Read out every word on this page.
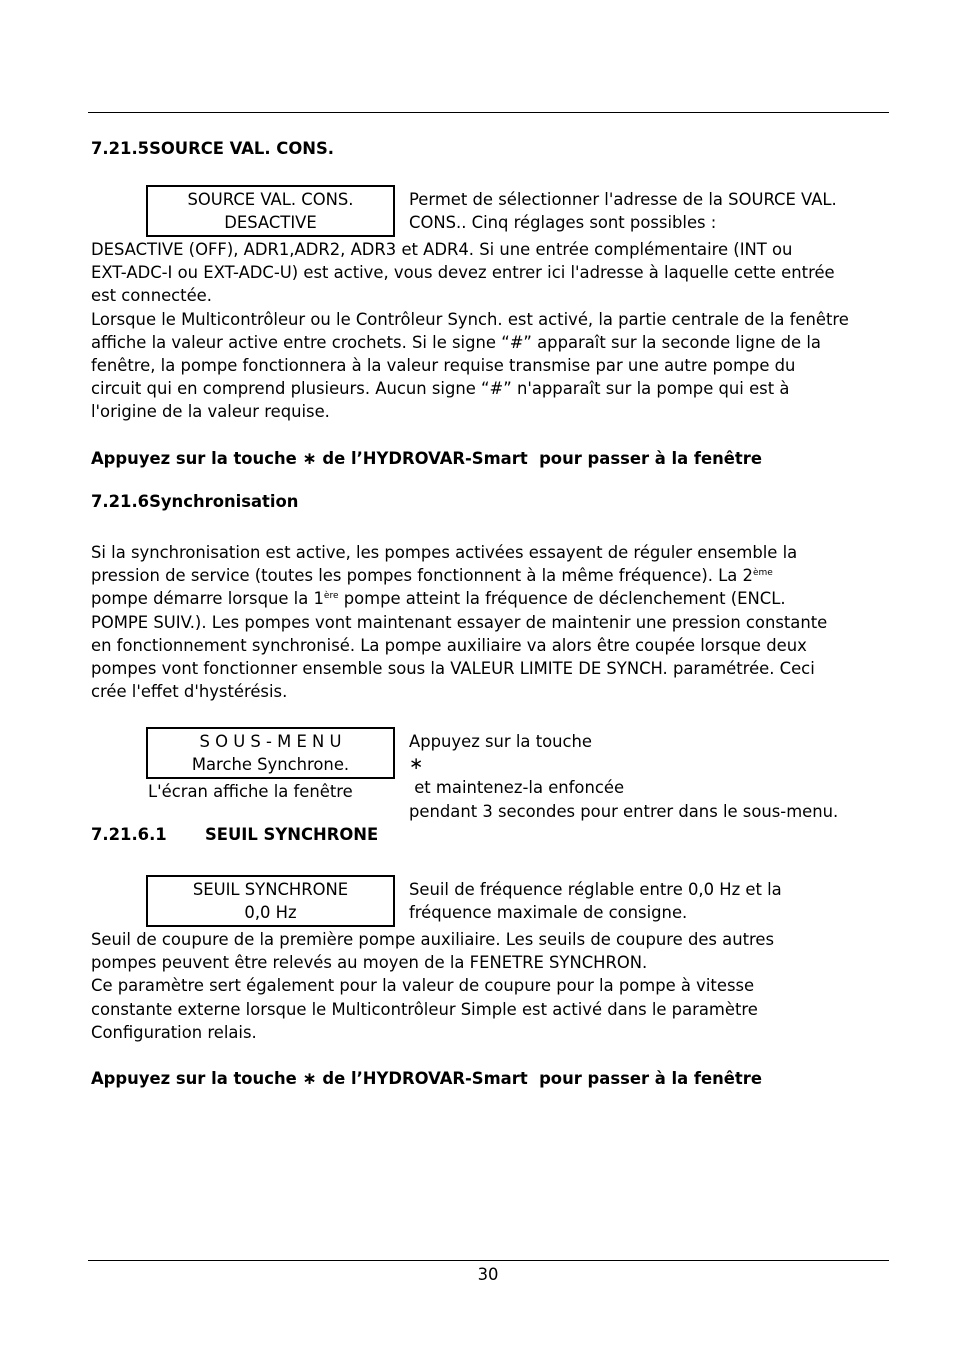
7.21.5SOURCE VAL. CONS.
SOURCE VAL. CONS.
DESACTIVE
Permet de sélectionner l'adresse de la SOURCE VAL.
CONS.. Cinq réglages sont possibles :

DESACTIVE (OFF), ADR1,ADR2, ADR3 et ADR4. Si une entrée complémentaire (INT ou
EXT-ADC-I ou EXT-ADC-U) est active, vous devez entrer ici l'adresse à laquelle cette entrée
est connectée.
Lorsque le Multicontrôleur ou le Contrôleur Synch. est activé, la partie centrale de la fenêtre
affiche la valeur active entre crochets. Si le signe “#” apparaît sur la seconde ligne de la
fenêtre, la pompe fonctionnera à la valeur requise transmise par une autre pompe du
circuit qui en comprend plusieurs. Aucun signe “#” n'apparaît sur la pompe qui est à
l'origine de la valeur requise.

Appuyez sur la touche ∗ de l’HYDROVAR-Smart  pour passer à la fenêtre
7.21.6Synchronisation

Si la synchronisation est active, les pompes activées essayent de réguler ensemble la
pression de service (toutes les pompes fonctionnent à la même fréquence). La 2ème
pompe démarre lorsque la 1ère pompe atteint la fréquence de déclenchement (ENCL.
POMPE SUIV.). Les pompes vont maintenant essayer de maintenir une pression constante
en fonctionnement synchronisé. La pompe auxiliaire va alors être coupée lorsque deux
pompes vont fonctionner ensemble sous la VALEUR LIMITE DE SYNCH. paramétrée. Ceci
crée l'effet d'hystérésis.

S O U S - M E N U
Marche Synchrone.
Appuyez sur la touche
∗
et maintenez-la enfoncée
pendant 3 secondes pour entrer dans le sous-menu.
L'écran affiche la fenêtre
7.21.6.1 SEUIL SYNCHRONE
SEUIL SYNCHRONE
0,0 Hz
Seuil de fréquence réglable entre 0,0 Hz et la
fréquence maximale de consigne.

Seuil de coupure de la première pompe auxiliaire. Les seuils de coupure des autres
pompes peuvent être relevés au moyen de la FENETRE SYNCHRON.
Ce paramètre sert également pour la valeur de coupure pour la pompe à vitesse
constante externe lorsque le Multicontrôleur Simple est activé dans le paramètre
Configuration relais.

Appuyez sur la touche ∗ de l’HYDROVAR-Smart  pour passer à la fenêtre
30
